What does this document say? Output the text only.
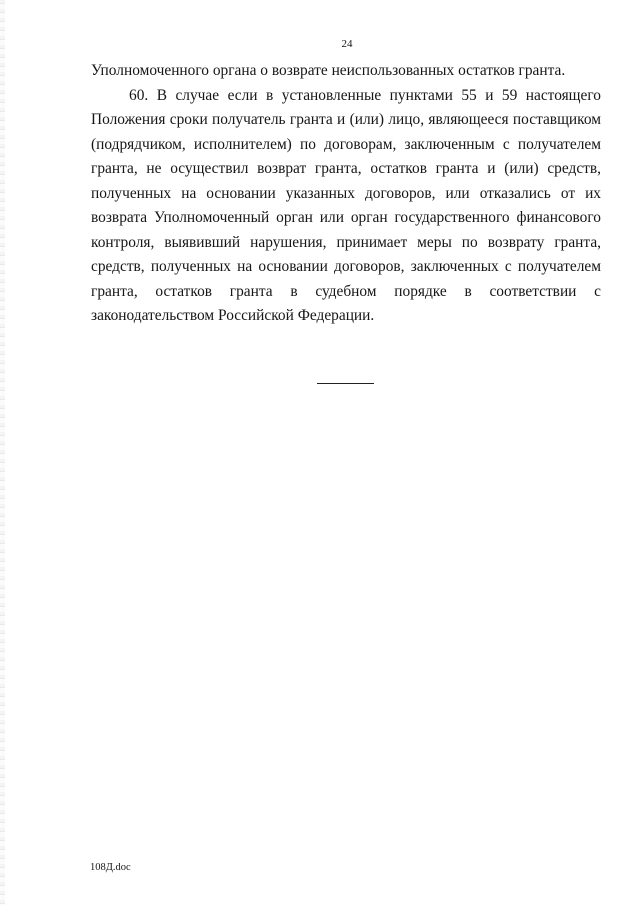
24

Уполномоченного органа о возврате неиспользованных остатков гранта.

60. В случае если в установленные пунктами 55 и 59 настоящего Положения сроки получатель гранта и (или) лицо, являющееся поставщиком (подрядчиком, исполнителем) по договорам, заключенным с получателем гранта, не осуществил возврат гранта, остатков гранта и (или) средств, полученных на основании указанных договоров, или отказались от их возврата Уполномоченный орган или орган государственного финансового контроля, выявивший нарушения, принимает меры по возврату гранта, средств, полученных на основании договоров, заключенных с получателем гранта, остатков гранта в судебном порядке в соответствии с законодательством Российской Федерации.

108Д.doc
